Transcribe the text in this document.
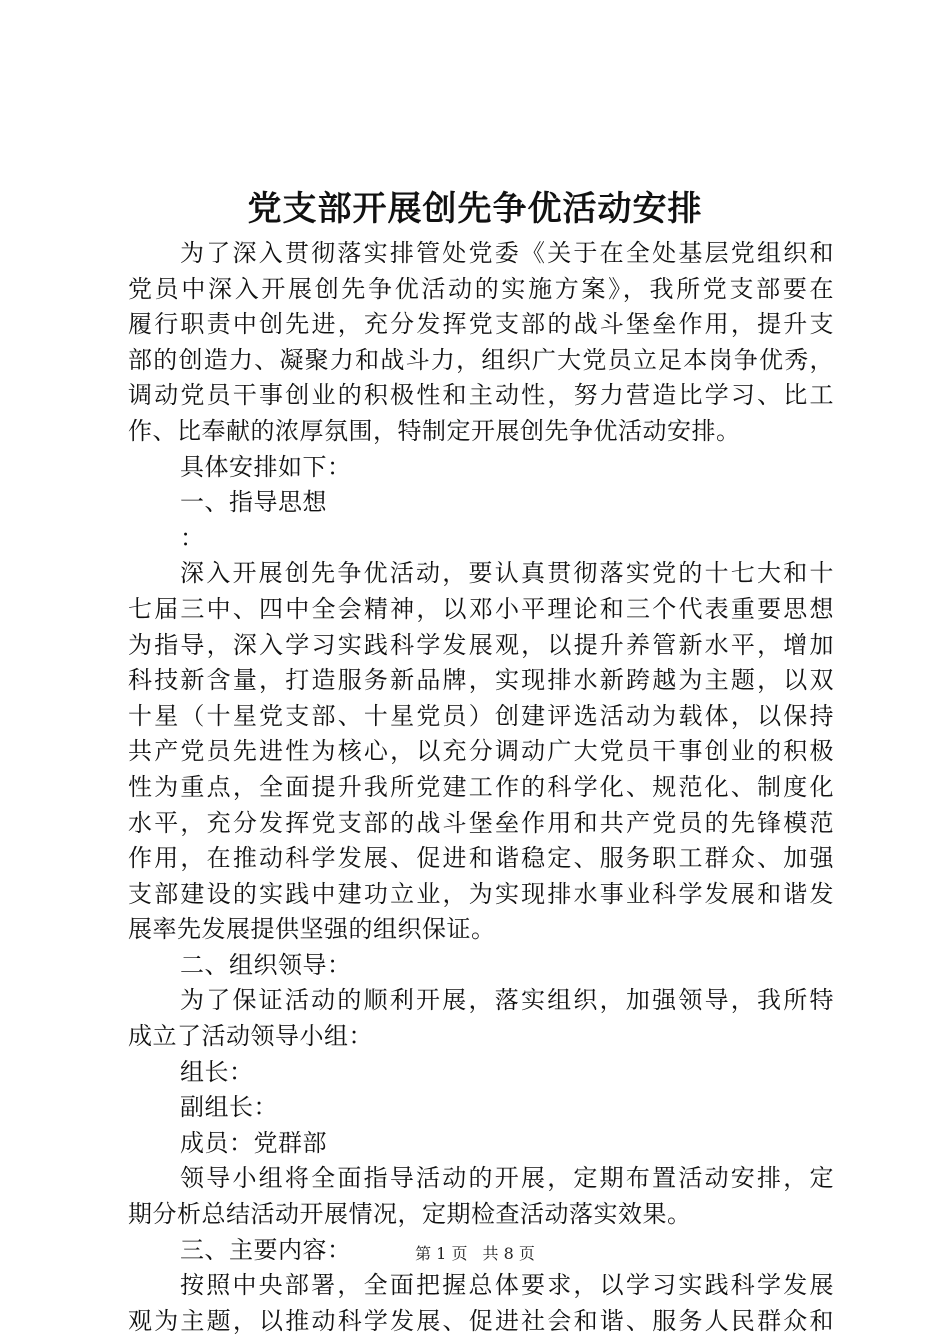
党支部开展创先争优活动安排
为了深入贯彻落实排管处党委《关于在全处基层党组织和
党员中深入开展创先争优活动的实施方案》，我所党支部要在
履行职责中创先进，充分发挥党支部的战斗堡垒作用，提升支
部的创造力、凝聚力和战斗力，组织广大党员立足本岗争优秀，
调动党员干事创业的积极性和主动性，努力营造比学习、比工
作、比奉献的浓厚氛围，特制定开展创先争优活动安排。
具体安排如下：
一、指导思想
：
深入开展创先争优活动，要认真贯彻落实党的十七大和十
七届三中、四中全会精神，以邓小平理论和三个代表重要思想
为指导，深入学习实践科学发展观，以提升养管新水平，增加
科技新含量，打造服务新品牌，实现排水新跨越为主题，以双
十星（十星党支部、十星党员）创建评选活动为载体，以保持
共产党员先进性为核心，以充分调动广大党员干事创业的积极
性为重点，全面提升我所党建工作的科学化、规范化、制度化
水平，充分发挥党支部的战斗堡垒作用和共产党员的先锋模范
作用，在推动科学发展、促进和谐稳定、服务职工群众、加强
支部建设的实践中建功立业，为实现排水事业科学发展和谐发
展率先发展提供坚强的组织保证。
二、组织领导：
为了保证活动的顺利开展，落实组织，加强领导，我所特
成立了活动领导小组：
组长：
副组长：
成员：党群部
领导小组将全面指导活动的开展，定期布置活动安排，定
期分析总结活动开展情况，定期检查活动落实效果。
三、主要内容：
按照中央部署，全面把握总体要求，以学习实践科学发展
观为主题，以推动科学发展、促进社会和谐、服务人民群众和
第 1 页 共 8 页
